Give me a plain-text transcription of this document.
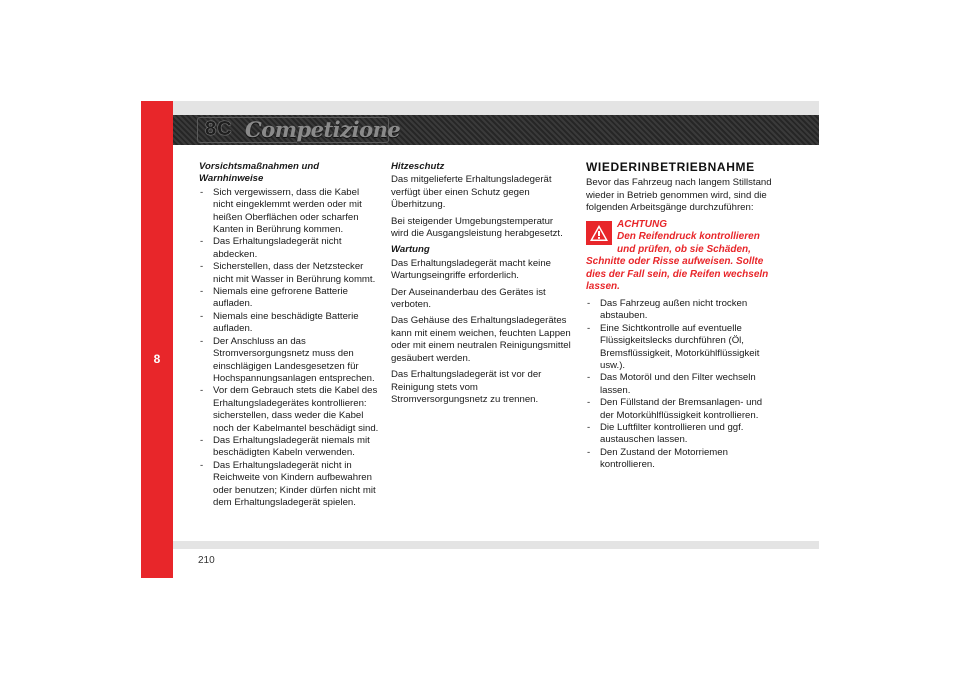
8
8C Competizione
Vorsichtsmaßnahmen und Warnhinweise
- Sich vergewissern, dass die Kabel nicht eingeklemmt werden oder mit heißen Oberflächen oder scharfen Kanten in Berührung kommen.
- Das Erhaltungsladegerät nicht abdecken.
- Sicherstellen, dass der Netzstecker nicht mit Wasser in Berührung kommt.
- Niemals eine gefrorene Batterie aufladen.
- Niemals eine beschädigte Batterie aufladen.
- Der Anschluss an das Stromversorgungsnetz muss den einschlägigen Landesgesetzen für Hochspannungsanlagen entsprechen.
- Vor dem Gebrauch stets die Kabel des Erhaltungsladegerätes kontrollieren: sicherstellen, dass weder die Kabel noch der Kabelmantel beschädigt sind.
- Das Erhaltungsladegerät niemals mit beschädigten Kabeln verwenden.
- Das Erhaltungsladegerät nicht in Reichweite von Kindern aufbewahren oder benutzen; Kinder dürfen nicht mit dem Erhaltungsladegerät spielen.
Hitzeschutz

Das mitgelieferte Erhaltungsladegerät verfügt über einen Schutz gegen Überhitzung.

Bei steigender Umgebungstemperatur wird die Ausgangsleistung herabgesetzt.

Wartung

Das Erhaltungsladegerät macht keine Wartungseingriffe erforderlich.

Der Auseinanderbau des Gerätes ist verboten.

Das Gehäuse des Erhaltungsladegerätes kann mit einem weichen, feuchten Lappen oder mit einem neutralen Reinigungsmittel gesäubert werden.

Das Erhaltungsladegerät ist vor der Reinigung stets vom Stromversorgungsnetz zu trennen.

WIEDERINBETRIEBNAHME

Bevor das Fahrzeug nach langem Stillstand wieder in Betrieb genommen wird, sind die folgenden Arbeitsgänge durchzuführen:

ACHTUNG
Den Reifendruck kontrollieren und prüfen, ob sie Schäden, Schnitte oder Risse aufweisen. Sollte dies der Fall sein, die Reifen wechseln lassen.
- Das Fahrzeug außen nicht trocken abstauben.
- Eine Sichtkontrolle auf eventuelle Flüssigkeitslecks durchführen (Öl, Bremsflüssigkeit, Motorkühlflüssigkeit usw.).
- Das Motoröl und den Filter wechseln lassen.
- Den Füllstand der Bremsanlagen- und der Motorkühlflüssigkeit kontrollieren.
- Die Luftfilter kontrollieren und ggf. austauschen lassen.
- Den Zustand der Motorriemen kontrollieren.
210
